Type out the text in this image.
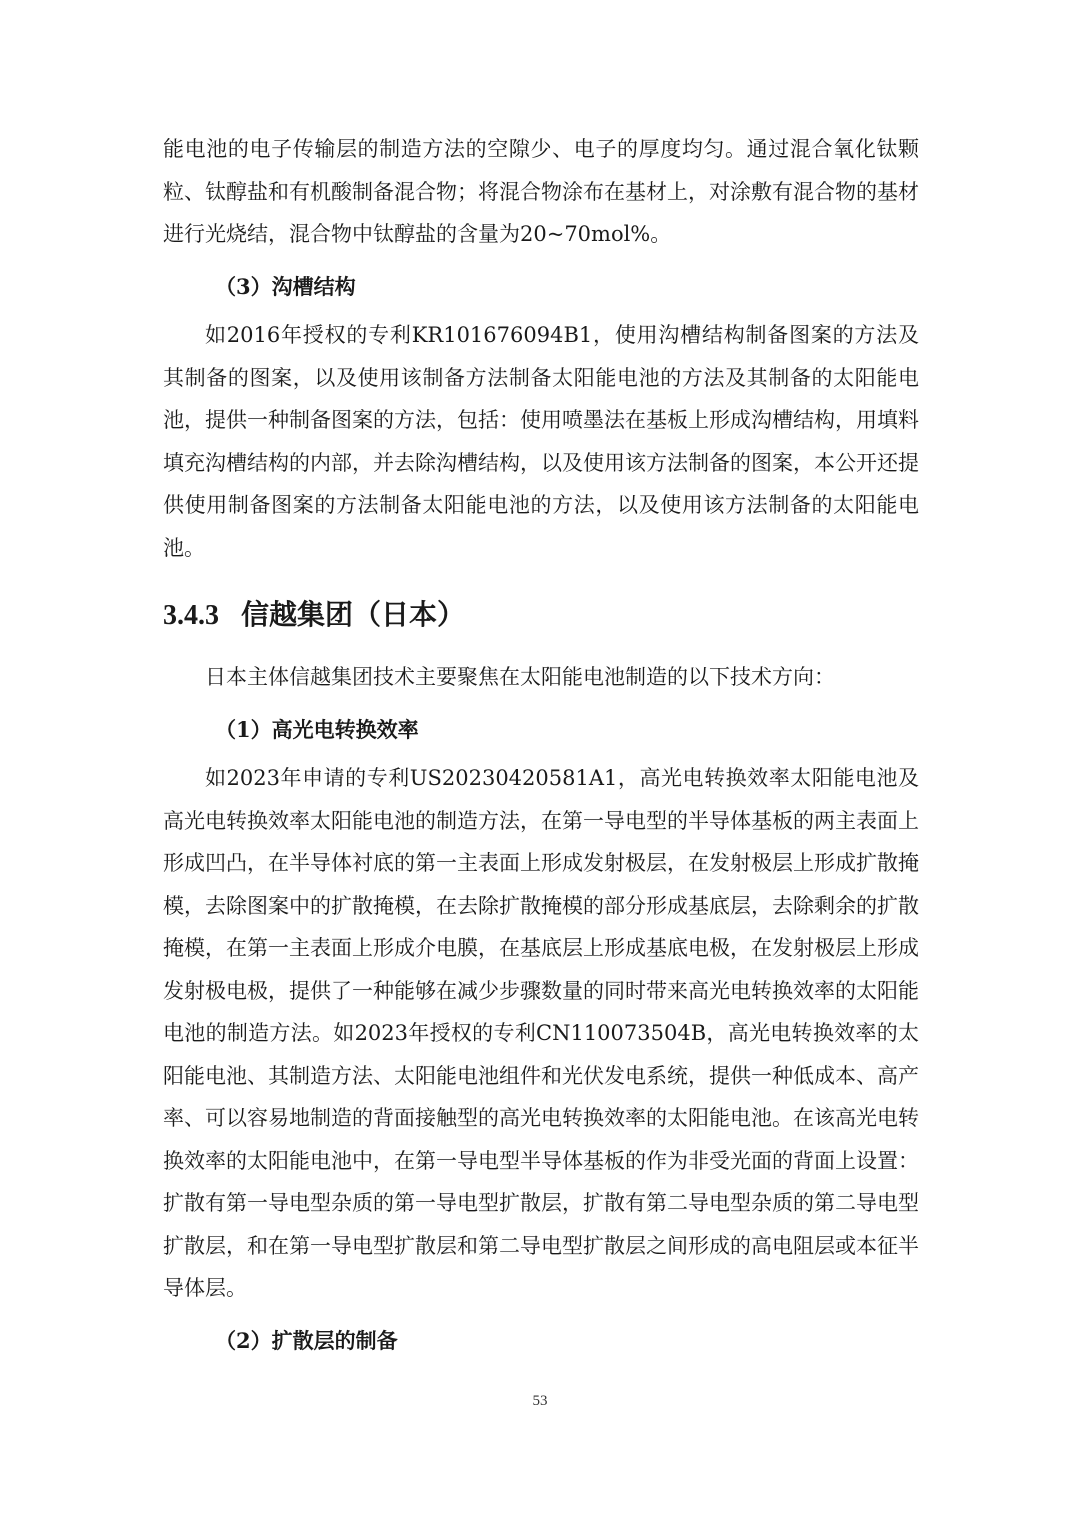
能电池的电子传输层的制造方法的空隙少、电子的厚度均匀。通过混合氧化钛颗粒、钛醇盐和有机酸制备混合物；将混合物涂布在基材上，对涂敷有混合物的基材进行光烧结，混合物中钛醇盐的含量为20~70mol%。

（3）沟槽结构

如2016年授权的专利KR101676094B1，使用沟槽结构制备图案的方法及其制备的图案，以及使用该制备方法制备太阳能电池的方法及其制备的太阳能电池，提供一种制备图案的方法，包括：使用喷墨法在基板上形成沟槽结构，用填料填充沟槽结构的内部，并去除沟槽结构，以及使用该方法制备的图案，本公开还提供使用制备图案的方法制备太阳能电池的方法，以及使用该方法制备的太阳能电池。

3.4.3 信越集团（日本）

日本主体信越集团技术主要聚焦在太阳能电池制造的以下技术方向：

（1）高光电转换效率

如2023年申请的专利US20230420581A1，高光电转换效率太阳能电池及高光电转换效率太阳能电池的制造方法，在第一导电型的半导体基板的两主表面上形成凹凸，在半导体衬底的第一主表面上形成发射极层，在发射极层上形成扩散掩模，去除图案中的扩散掩模，在去除扩散掩模的部分形成基底层，去除剩余的扩散掩模，在第一主表面上形成介电膜，在基底层上形成基底电极，在发射极层上形成发射极电极，提供了一种能够在减少步骤数量的同时带来高光电转换效率的太阳能电池的制造方法。如2023年授权的专利CN110073504B，高光电转换效率的太阳能电池、其制造方法、太阳能电池组件和光伏发电系统，提供一种低成本、高产率、可以容易地制造的背面接触型的高光电转换效率的太阳能电池。在该高光电转换效率的太阳能电池中，在第一导电型半导体基板的作为非受光面的背面上设置：扩散有第一导电型杂质的第一导电型扩散层，扩散有第二导电型杂质的第二导电型扩散层，和在第一导电型扩散层和第二导电型扩散层之间形成的高电阻层或本征半导体层。

（2）扩散层的制备
53
